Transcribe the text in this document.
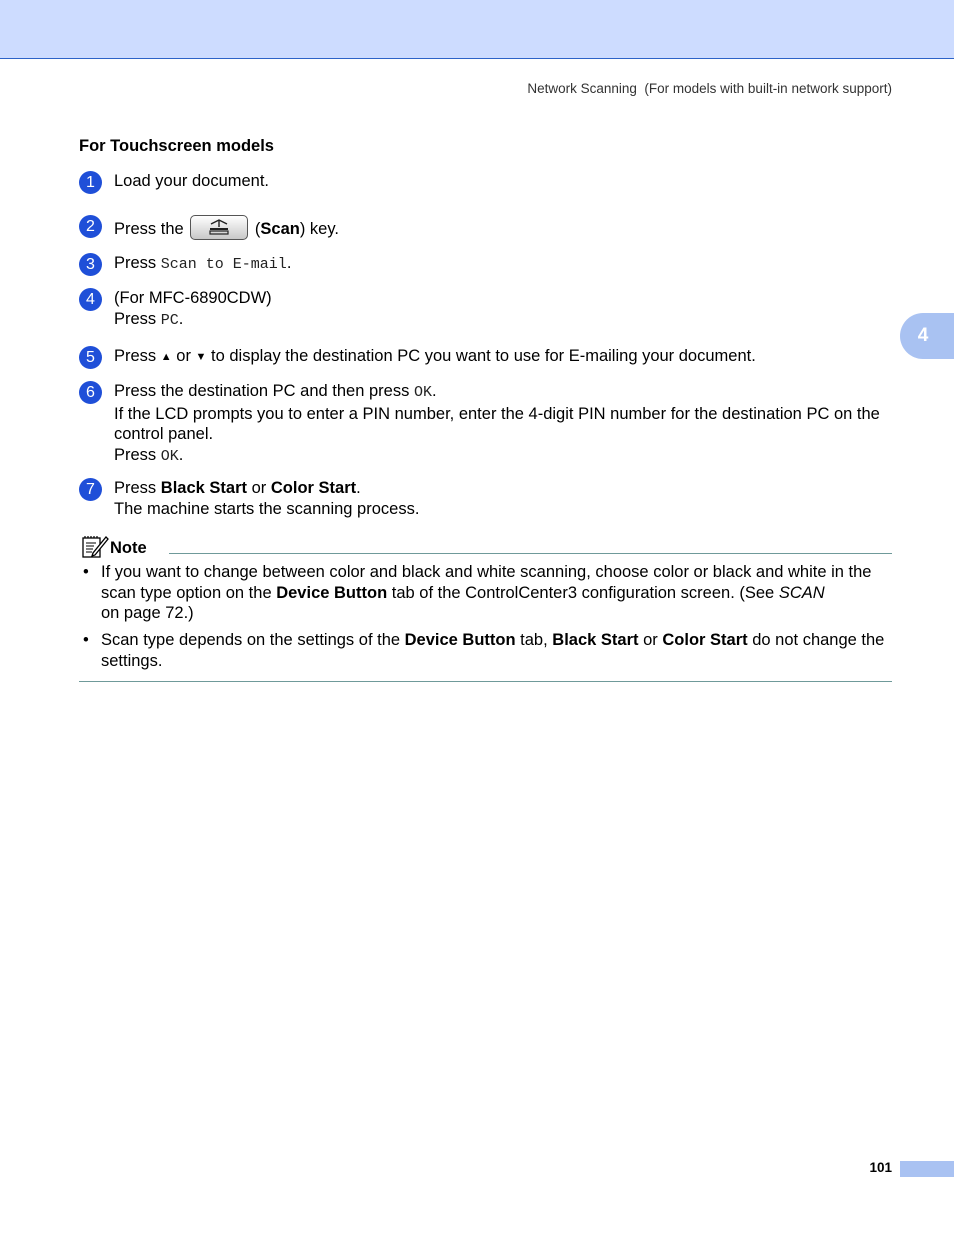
Network Scanning  (For models with built-in network support)
4
For Touchscreen models
1	Load your document.
2	Press the	(Scan) key.
3	Press Scan to E-mail.
4	(For MFC-6890CDW)
Press PC.
5	Press ▲ or ▼ to display the destination PC you want to use for E-mailing your document.
6	Press the destination PC and then press OK.
If the LCD prompts you to enter a PIN number, enter the 4-digit PIN number for the destination PC on the control panel.
Press OK.
7	Press Black Start or Color Start.
The machine starts the scanning process.
Note
• If you want to change between color and black and white scanning, choose color or black and white in the scan type option on the Device Button tab of the ControlCenter3 configuration screen. (See SCAN
on page 72.)
• Scan type depends on the settings of the Device Button tab, Black Start or Color Start do not change the settings.
101
